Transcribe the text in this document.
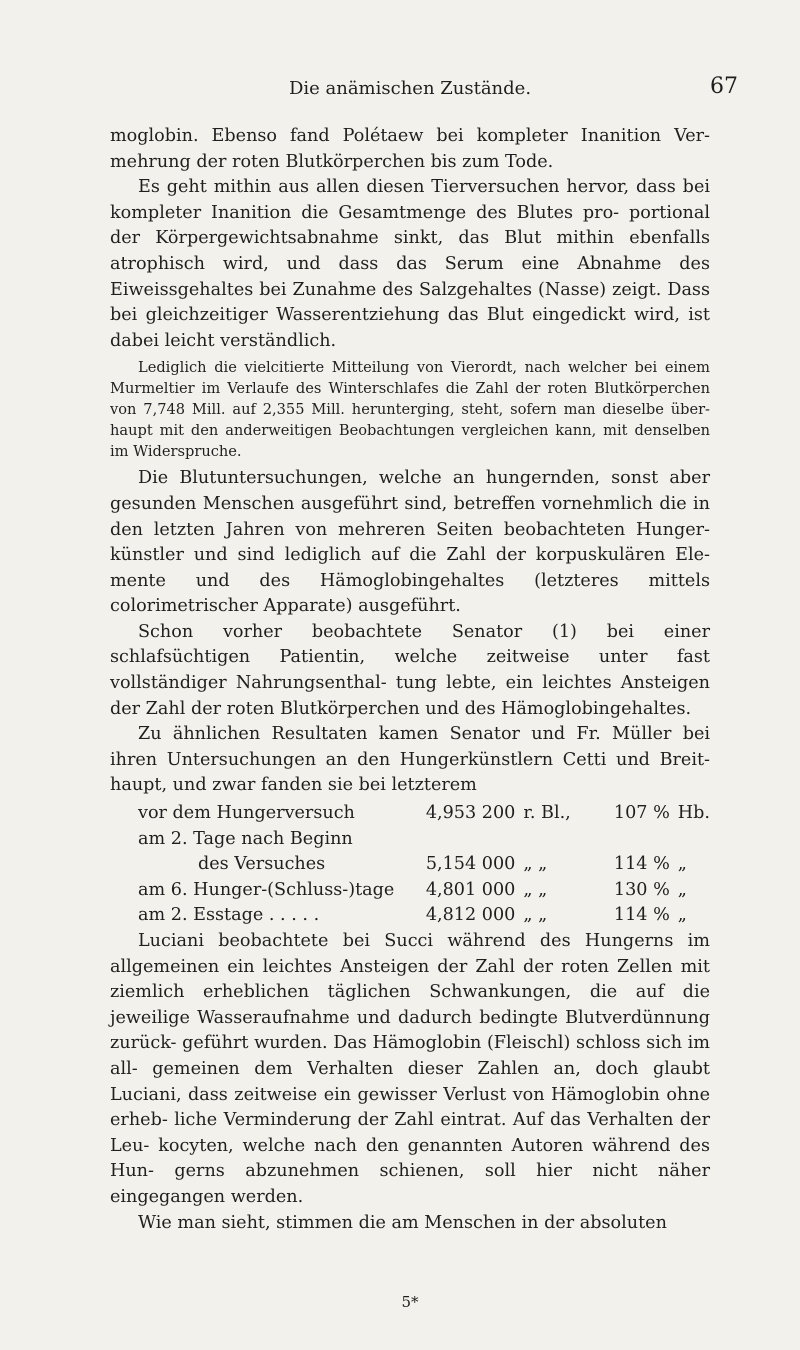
Die anämischen Zustände.	67

moglobin. Ebenso fand Polétaew bei kompleter Inanition Ver- mehrung der roten Blutkörperchen bis zum Tode.

Es geht mithin aus allen diesen Tierversuchen hervor, dass bei kompleter Inanition die Gesamtmenge des Blutes pro- portional der Körpergewichtsabnahme sinkt, das Blut mithin ebenfalls atrophisch wird, und dass das Serum eine Abnahme des Eiweissgehaltes bei Zunahme des Salzgehaltes (Nasse) zeigt. Dass bei gleichzeitiger Wasserentziehung das Blut eingedickt wird, ist dabei leicht verständlich.

Lediglich die vielcitierte Mitteilung von Vierordt, nach welcher bei einem Murmeltier im Verlaufe des Winterschlafes die Zahl der roten Blutkörperchen von 7,748 Mill. auf 2,355 Mill. herunterging, steht, sofern man dieselbe über- haupt mit den anderweitigen Beobachtungen vergleichen kann, mit denselben im Widerspruche.

Die Blutuntersuchungen, welche an hungernden, sonst aber gesunden Menschen ausgeführt sind, betreffen vornehmlich die in den letzten Jahren von mehreren Seiten beobachteten Hunger- künstler und sind lediglich auf die Zahl der korpuskulären Ele- mente und des Hämoglobingehaltes (letzteres mittels colorimetrischer Apparate) ausgeführt.

Schon vorher beobachtete Senator (1) bei einer schlafsüchtigen Patientin, welche zeitweise unter fast vollständiger Nahrungsenthal- tung lebte, ein leichtes Ansteigen der Zahl der roten Blutkörperchen und des Hämoglobingehaltes.

Zu ähnlichen Resultaten kamen Senator und Fr. Müller bei ihren Untersuchungen an den Hungerkünstlern Cetti und Breit- haupt, und zwar fanden sie bei letzterem

vor dem Hungerversuch	4,953 200	r. Bl.,	107 %	Hb.
am 2. Tage nach Beginn				
des Versuches	5,154 000	„ „	114 %	„
am 6. Hunger-(Schluss-)tage	4,801 000	„ „	130 %	„
am 2. Esstage . . . . .	4,812 000	„ „	114 %	„

Luciani beobachtete bei Succi während des Hungerns im allgemeinen ein leichtes Ansteigen der Zahl der roten Zellen mit ziemlich erheblichen täglichen Schwankungen, die auf die jeweilige Wasseraufnahme und dadurch bedingte Blutverdünnung zurück- geführt wurden. Das Hämoglobin (Fleischl) schloss sich im all- gemeinen dem Verhalten dieser Zahlen an, doch glaubt Luciani, dass zeitweise ein gewisser Verlust von Hämoglobin ohne erheb- liche Verminderung der Zahl eintrat. Auf das Verhalten der Leu- kocyten, welche nach den genannten Autoren während des Hun- gerns abzunehmen schienen, soll hier nicht näher eingegangen werden.

Wie man sieht, stimmen die am Menschen in der absoluten

5*
